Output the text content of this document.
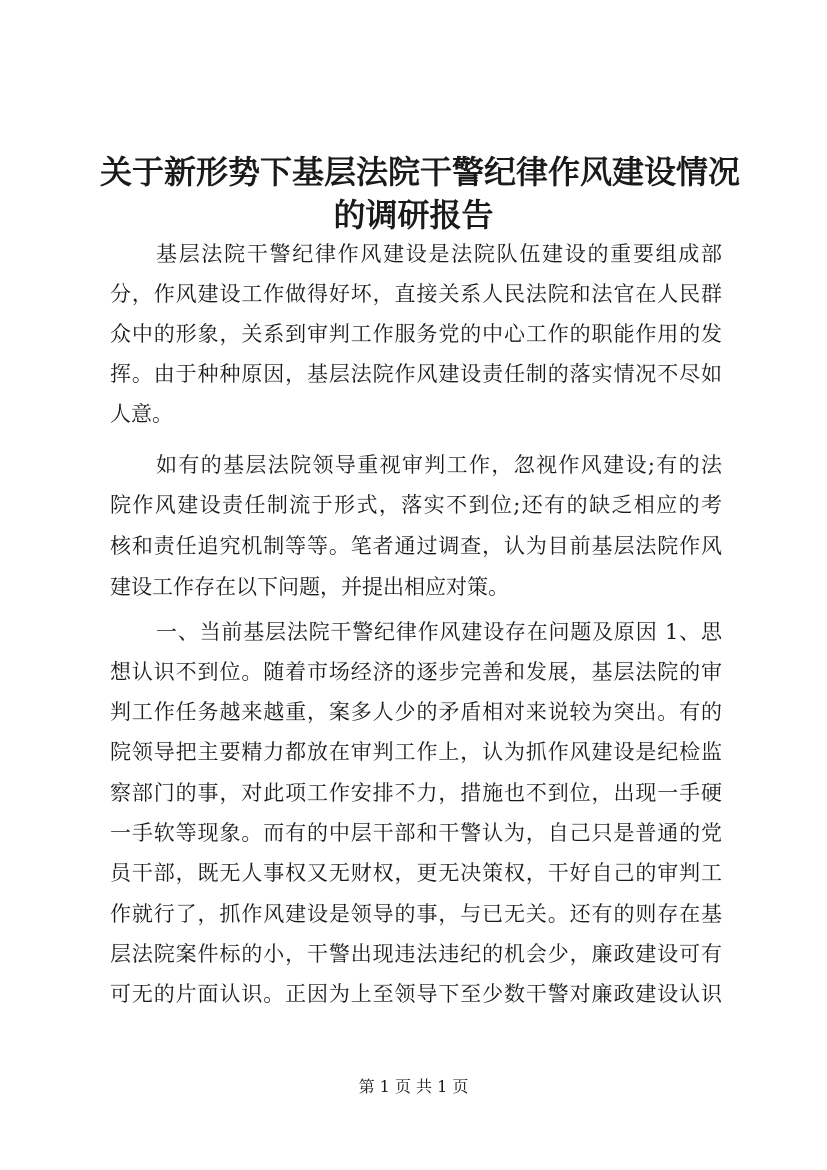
关于新形势下基层法院干警纪律作风建设情况
的调研报告
基层法院干警纪律作风建设是法院队伍建设的重要组成部
分，作风建设工作做得好坏，直接关系人民法院和法官在人民群
众中的形象，关系到审判工作服务党的中心工作的职能作用的发
挥。由于种种原因，基层法院作风建设责任制的落实情况不尽如
人意。
如有的基层法院领导重视审判工作，忽视作风建设;有的法
院作风建设责任制流于形式，落实不到位;还有的缺乏相应的考
核和责任追究机制等等。笔者通过调查，认为目前基层法院作风
建设工作存在以下问题，并提出相应对策。
一、当前基层法院干警纪律作风建设存在问题及原因 1、思
想认识不到位。随着市场经济的逐步完善和发展，基层法院的审
判工作任务越来越重，案多人少的矛盾相对来说较为突出。有的
院领导把主要精力都放在审判工作上，认为抓作风建设是纪检监
察部门的事，对此项工作安排不力，措施也不到位，出现一手硬
一手软等现象。而有的中层干部和干警认为，自己只是普通的党
员干部，既无人事权又无财权，更无决策权，干好自己的审判工
作就行了，抓作风建设是领导的事，与已无关。还有的则存在基
层法院案件标的小，干警出现违法违纪的机会少，廉政建设可有
可无的片面认识。正因为上至领导下至少数干警对廉政建设认识
第 1 页 共 1 页
